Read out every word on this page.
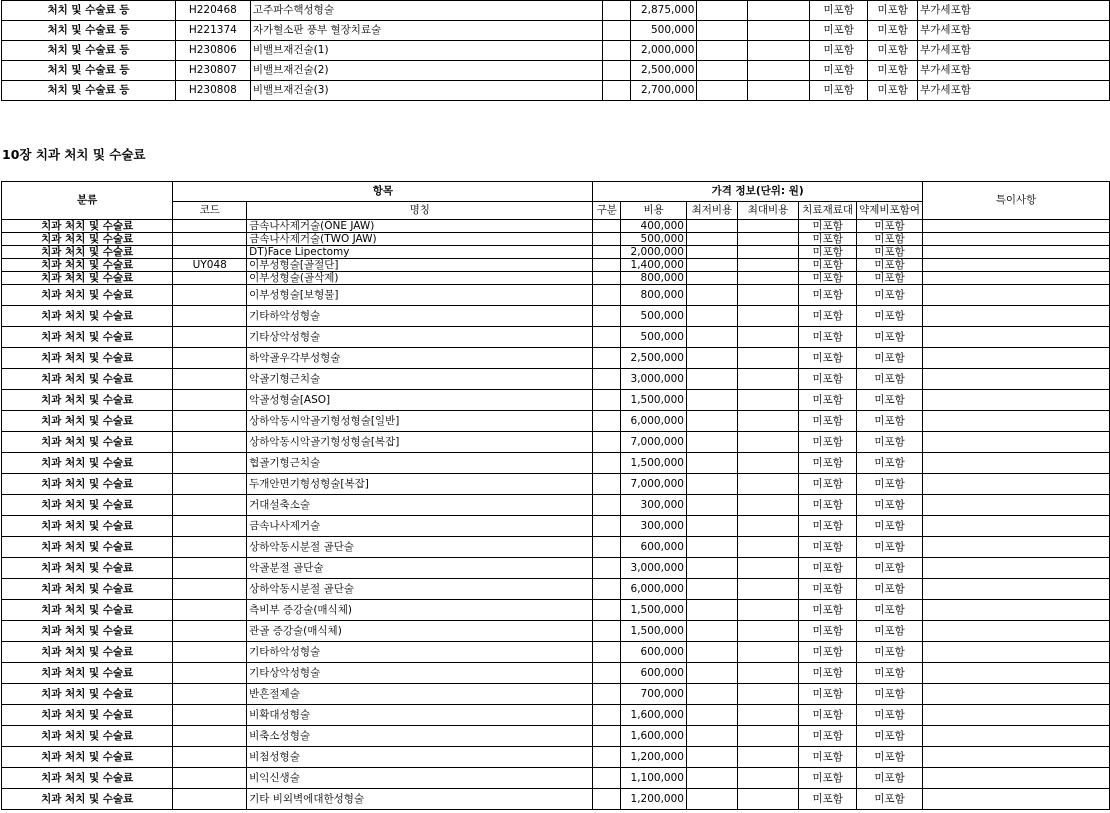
처치 및 수술료 등	H220468	고주파수핵성형술		2,875,000			미포함	미포함	부가세포함
처치 및 수술료 등	H221374	자가혈소판 풍부 혈장치료술		500,000			미포함	미포함	부가세포함
처치 및 수술료 등	H230806	비밸브재건술(1)		2,000,000			미포함	미포함	부가세포함
처치 및 수술료 등	H230807	비밸브재건술(2)		2,500,000			미포함	미포함	부가세포함
처치 및 수술료 등	H230808	비밸브재건술(3)		2,700,000			미포함	미포함	부가세포함
10장 치과 처치 및 수술료
분류	항목		가격 정보(단위: 원)						특이사항
	코드	명칭	구분	비용	최저비용	최대비용	치료재료대	약제비포함여	
치과 처치 및 수술료		금속나사제거술(ONE JAW)		400,000			미포함	미포함	
치과 처치 및 수술료		금속나사제거술(TWO JAW)		500,000			미포함	미포함	
치과 처치 및 수술료		DT)Face Lipectomy		2,000,000			미포함	미포함	
치과 처치 및 수술료	UY048	이부성형술[골절단]		1,400,000			미포함	미포함	
치과 처치 및 수술료		이부성형술(골삭제)		800,000			미포함	미포함	
치과 처치 및 수술료		이부성형술[보형물]		800,000			미포함	미포함	
치과 처치 및 수술료		기타하악성형술		500,000			미포함	미포함	
치과 처치 및 수술료		기타상악성형술		500,000			미포함	미포함	
치과 처치 및 수술료		하악골우각부성형술		2,500,000			미포함	미포함	
치과 처치 및 수술료		악골기형근치술		3,000,000			미포함	미포함	
치과 처치 및 수술료		악골성형술[ASO]		1,500,000			미포함	미포함	
치과 처치 및 수술료		상하악동시악골기형성형술[일반]		6,000,000			미포함	미포함	
치과 처치 및 수술료		상하악동시악골기형성형술[복잡]		7,000,000			미포함	미포함	
치과 처치 및 수술료		협골기형근치술		1,500,000			미포함	미포함	
치과 처치 및 수술료		두개안면기형성형술[복잡]		7,000,000			미포함	미포함	
치과 처치 및 수술료		거대설축소술		300,000			미포함	미포함	
치과 처치 및 수술료		금속나사제거술		300,000			미포함	미포함	
치과 처치 및 수술료		상하악동시분절 골단술		600,000			미포함	미포함	
치과 처치 및 수술료		악골분절 골단술		3,000,000			미포함	미포함	
치과 처치 및 수술료		상하악동시분절 골단술		6,000,000			미포함	미포함	
치과 처치 및 수술료		측비부 증강술(매식체)		1,500,000			미포함	미포함	
치과 처치 및 수술료		관골 증강술(매식체)		1,500,000			미포함	미포함	
치과 처치 및 수술료		기타하악성형술		600,000			미포함	미포함	
치과 처치 및 수술료		기타상악성형술		600,000			미포함	미포함	
치과 처치 및 수술료		반흔절제술		700,000			미포함	미포함	
치과 처치 및 수술료		비확대성형술		1,600,000			미포함	미포함	
치과 처치 및 수술료		비축소성형술		1,600,000			미포함	미포함	
치과 처치 및 수술료		비첨성형술		1,200,000			미포함	미포함	
치과 처치 및 수술료		비익신생술		1,100,000			미포함	미포함	
치과 처치 및 수술료		기타 비외벽에대한성형술		1,200,000			미포함	미포함	
